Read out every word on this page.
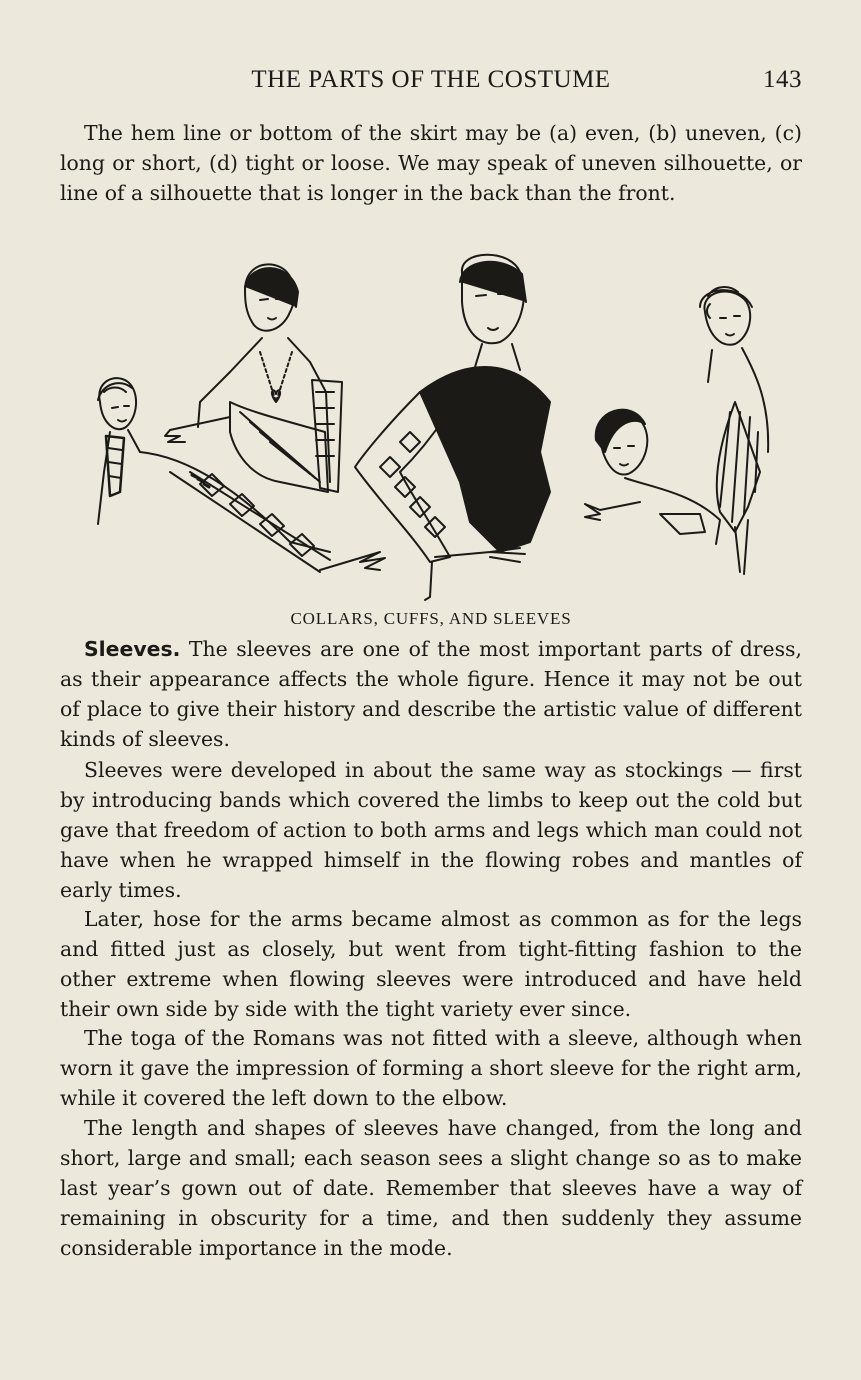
THE PARTS OF THE COSTUME	143

The hem line or bottom of the skirt may be (a) even, (b) uneven, (c) long or short, (d) tight or loose. We may speak of uneven silhouette, or line of a silhouette that is longer in the back than the front.

COLLARS, CUFFS, AND SLEEVES

Sleeves. The sleeves are one of the most important parts of dress, as their appearance affects the whole figure. Hence it may not be out of place to give their history and describe the artistic value of different kinds of sleeves.

Sleeves were developed in about the same way as stockings — first by introducing bands which covered the limbs to keep out the cold but gave that freedom of action to both arms and legs which man could not have when he wrapped himself in the flowing robes and mantles of early times.

Later, hose for the arms became almost as common as for the legs and fitted just as closely, but went from tight-fitting fashion to the other extreme when flowing sleeves were introduced and have held their own side by side with the tight variety ever since.

The toga of the Romans was not fitted with a sleeve, although when worn it gave the impression of forming a short sleeve for the right arm, while it covered the left down to the elbow.

The length and shapes of sleeves have changed, from the long and short, large and small; each season sees a slight change so as to make last year’s gown out of date. Remember that sleeves have a way of remaining in obscurity for a time, and then suddenly they assume considerable importance in the mode.
